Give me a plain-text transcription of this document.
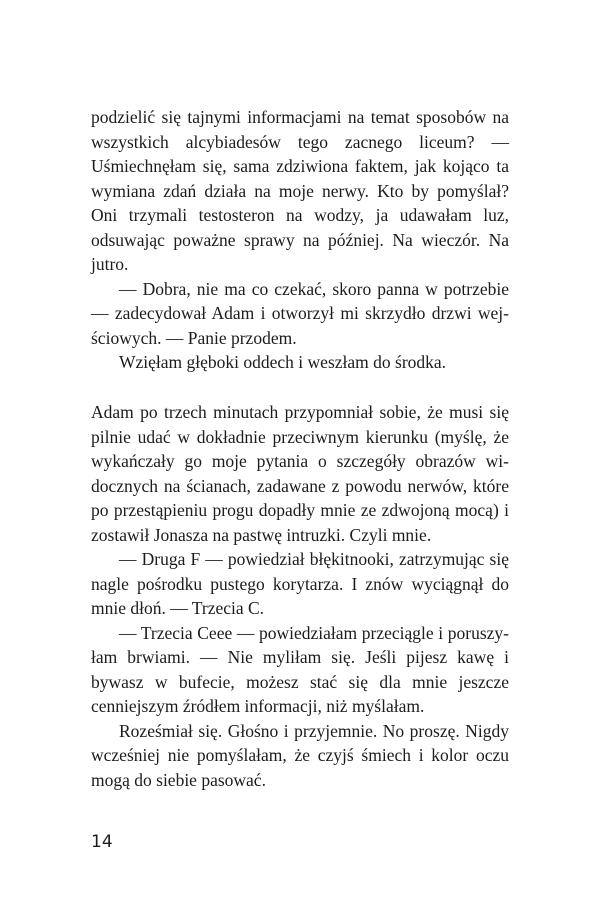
podzielić się tajnymi informacjami na temat sposobów na wszystkich alcybiadesów tego zacnego liceum? — Uśmiechnęłam się, sama zdziwiona faktem, jak kojąco ta wymiana zdań działa na moje nerwy. Kto by pomyślał? Oni trzymali testosteron na wodzy, ja udawałam luz, odsuwając poważne sprawy na później. Na wieczór. Na jutro.

— Dobra, nie ma co czekać, skoro panna w potrzebie — zadecydował Adam i otworzył mi skrzydło drzwi wejściowych. — Panie przodem.

Wzięłam głęboki oddech i weszłam do środka.

Adam po trzech minutach przypomniał sobie, że musi się pilnie udać w dokładnie przeciwnym kierunku (myślę, że wykańczały go moje pytania o szczegóły obrazów widocznych na ścianach, zadawane z powodu nerwów, które po przestąpieniu progu dopadły mnie ze zdwojoną mocą) i zostawił Jonasza na pastwę intruzki. Czyli mnie.

— Druga F — powiedział błękitnooki, zatrzymując się nagle pośrodku pustego korytarza. I znów wyciągnął do mnie dłoń. — Trzecia C.

— Trzecia Ceee — powiedziałam przeciągle i poruszyłam brwiami. — Nie myliłam się. Jeśli pijesz kawę i bywasz w bufecie, możesz stać się dla mnie jeszcze cenniejszym źródłem informacji, niż myślałam.

Roześmiał się. Głośno i przyjemnie. No proszę. Nigdy wcześniej nie pomyślałam, że czyjś śmiech i kolor oczu mogą do siebie pasować.

14
